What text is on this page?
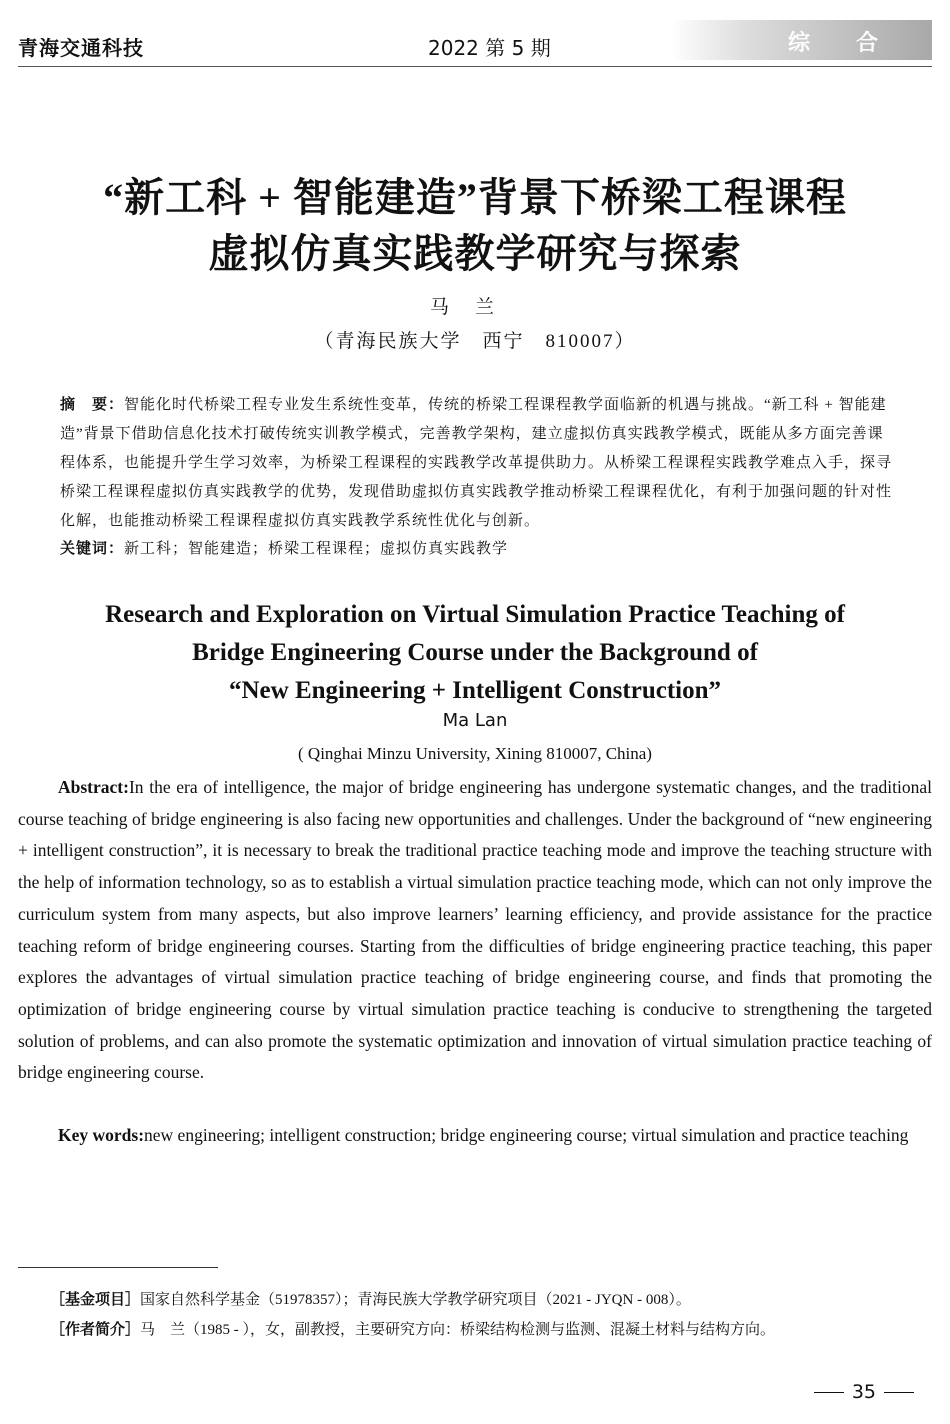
青海交通科技	2022 第 5 期	综合
“新工科 + 智能建造”背景下桥梁工程课程
虚拟仿真实践教学研究与探索
马兰
（青海民族大学　西宁　810007）
摘　要：智能化时代桥梁工程专业发生系统性变革，传统的桥梁工程课程教学面临新的机遇与挑战。“新工科 + 智能建造”背景下借助信息化技术打破传统实训教学模式，完善教学架构，建立虚拟仿真实践教学模式，既能从多方面完善课程体系，也能提升学生学习效率，为桥梁工程课程的实践教学改革提供助力。从桥梁工程课程实践教学难点入手，探寻桥梁工程课程虚拟仿真实践教学的优势，发现借助虚拟仿真实践教学推动桥梁工程课程优化，有利于加强问题的针对性化解，也能推动桥梁工程课程虚拟仿真实践教学系统性优化与创新。
关键词：新工科；智能建造；桥梁工程课程；虚拟仿真实践教学
Research and Exploration on Virtual Simulation Practice Teaching of
Bridge Engineering Course under the Background of
“New Engineering + Intelligent Construction”
Ma Lan
( Qinghai Minzu University, Xining 810007, China)
Abstract:In the era of intelligence, the major of bridge engineering has undergone systematic changes, and the traditional course teaching of bridge engineering is also facing new opportunities and challenges. Under the background of “new engineering + intelligent construction”, it is necessary to break the traditional practice teaching mode and improve the teaching structure with the help of information technology, so as to establish a virtual simulation practice teaching mode, which can not only improve the curriculum system from many aspects, but also improve learners’ learning efficiency, and provide assistance for the practice teaching reform of bridge engineering courses. Starting from the difficulties of bridge engineering practice teaching, this paper explores the advantages of virtual simulation practice teaching of bridge engineering course, and finds that promoting the optimization of bridge engineering course by virtual simulation practice teaching is conducive to strengthening the targeted solution of problems, and can also promote the systematic optimization and innovation of virtual simulation practice teaching of bridge engineering course.
Key words:new engineering; intelligent construction; bridge engineering course; virtual simulation and practice teaching
［基金项目］国家自然科学基金（51978357）；青海民族大学教学研究项目（2021 - JYQN - 008）。
［作者简介］马　兰（1985 - ），女，副教授，主要研究方向：桥梁结构检测与监测、混凝土材料与结构方向。
35
